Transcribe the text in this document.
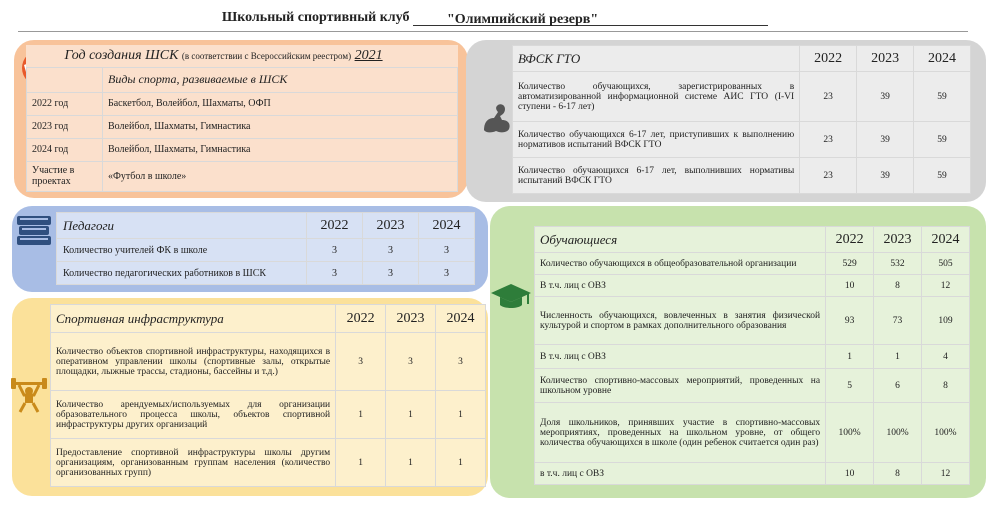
Школьный спортивный клуб	"Олимпийский резерв"
Год создания ШСК (в соответствии с Всероссийским реестром) 2021	
	Виды спорта, развиваемые в ШСК
2022 год	Баскетбол, Волейбол, Шахматы, ОФП
2023 год	Волейбол, Шахматы, Гимнастика
2024 год	Волейбол, Шахматы, Гимнастика
Участие в проектах	«Футбол в школе»
ВФСК ГТО	2022	2023	2024
Количество обучающихся, зарегистрированных в автоматизированной информационной системе АИС ГТО (I-VI ступени - 6-17 лет)	23	39	59
Количество обучающихся 6-17 лет, приступивших к выполнению нормативов испытаний ВФСК ГТО	23	39	59
Количество обучающихся 6-17 лет, выполнивших нормативы испытаний ВФСК ГТО	23	39	59
Педагоги	2022	2023	2024
Количество учителей ФК в школе	3	3	3
Количество педагогических работников в ШСК	3	3	3
Спортивная инфраструктура	2022	2023	2024
Количество объектов спортивной инфраструктуры, находящихся в оперативном управлении школы (спортивные залы, открытые площадки, лыжные трассы, стадионы, бассейны и т.д.)	3	3	3
Количество арендуемых/используемых для организации образовательного процесса школы, объектов спортивной инфраструктуры других организаций	1	1	1
Предоставление спортивной инфраструктуры школы другим организациям, организованным группам населения (количество организованных групп)	1	1	1
Обучающиеся	2022	2023	2024
Количество обучающихся в общеобразовательной организации	529	532	505
В т.ч. лиц с ОВЗ	10	8	12
Численность обучающихся, вовлеченных в занятия физической культурой и спортом в рамках дополнительного образования	93	73	109
В т.ч. лиц с ОВЗ	1	1	4
Количество спортивно-массовых мероприятий, проведенных на школьном уровне	5	6	8
Доля школьников, принявших участие в спортивно-массовых мероприятиях, проведенных на школьном уровне, от общего количества обучающихся в школе (один ребенок считается один раз)	100%	100%	100%
в т.ч. лиц с ОВЗ	10	8	12
